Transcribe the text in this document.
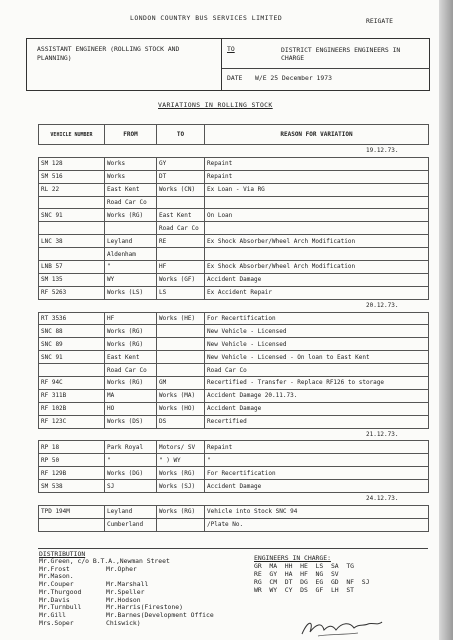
LONDON COUNTRY BUS SERVICES LIMITED	REIGATE
ASSISTANT ENGINEER (ROLLING STOCK AND PLANNING)
TO	DISTRICT ENGINEERS ENGINEERS IN CHARGE
DATE W/E 25 December 1973
VARIATIONS IN ROLLING STOCK
VEHICLE NUMBER	FROM	TO	REASON FOR VARIATION
19.12.73.			
SM 128	Works	GY	Repaint
SM 516	Works	DT	Repaint
RL 22	East Kent	Works (CN)	Ex Loan - Via RG
	Road Car Co		
SNC 91	Works (RG)	East Kent	On Loan
		Road Car Co	
LNC 38	Leyland	RE	Ex Shock Absorber/Wheel Arch Modification
	Aldenham		
LNB 57	"	HF	Ex Shock Absorber/Wheel Arch Modification
SM 135	WY	Works (GF)	Accident Damage
RF 5263	Works (LS)	LS	Ex Accident Repair
20.12.73.			
RT 3536	HF	Works (HE)	For Recertification
SNC 88	Works (RG)		New Vehicle - Licensed
SNC 89	Works (RG)		New Vehicle - Licensed
SNC 91	East Kent		New Vehicle - Licensed - On loan to East Kent
	Road Car Co		Road Car Co
RF 94C	Works (RG)	GM	Recertified - Transfer - Replace RF126 to storage
RF 311B	MA	Works (MA)	Accident Damage 20.11.73.
RF 102B	HO	Works (HO)	Accident Damage
RF 123C	Works (DS)	DS	Recertified
21.12.73.			
RP 18	Park Royal	Motors/ SV	Repaint
RP 50	"	" ) WY	"
RF 129B	Works (DG)	Works (RG)	For Recertification
SM 538	SJ	Works (SJ)	Accident Damage
24.12.73.			
TPD 194M	Leyland	Works (RG)	Vehicle into Stock SNC 94
	Cumberland		/Plate No.
DISTRIBUTION
Mr.Green, c/o B.T.A.,Newman Street
Mr.Frost
Mr.Mason.
Mr.Couper
Mr.Thurgood
Mr.Davis
Mr.Turnbull
Mr.Gill
Mrs.Soper

Mr.Opher

Mr.Marshall
Mr.Speller
Mr.Hodson
Mr.Harris(Firestone)
Mr.Barnes(Development Office
Chiswick)
ENGINEERS IN CHARGE:
GR  MA  HH  HE  LS  SA  TG
RE  GY  HA  HF  NG  SV
RG  CM  DT  DG  EG  GD  NF  SJ
WR  WY  CY  DS  GF  LH  ST
